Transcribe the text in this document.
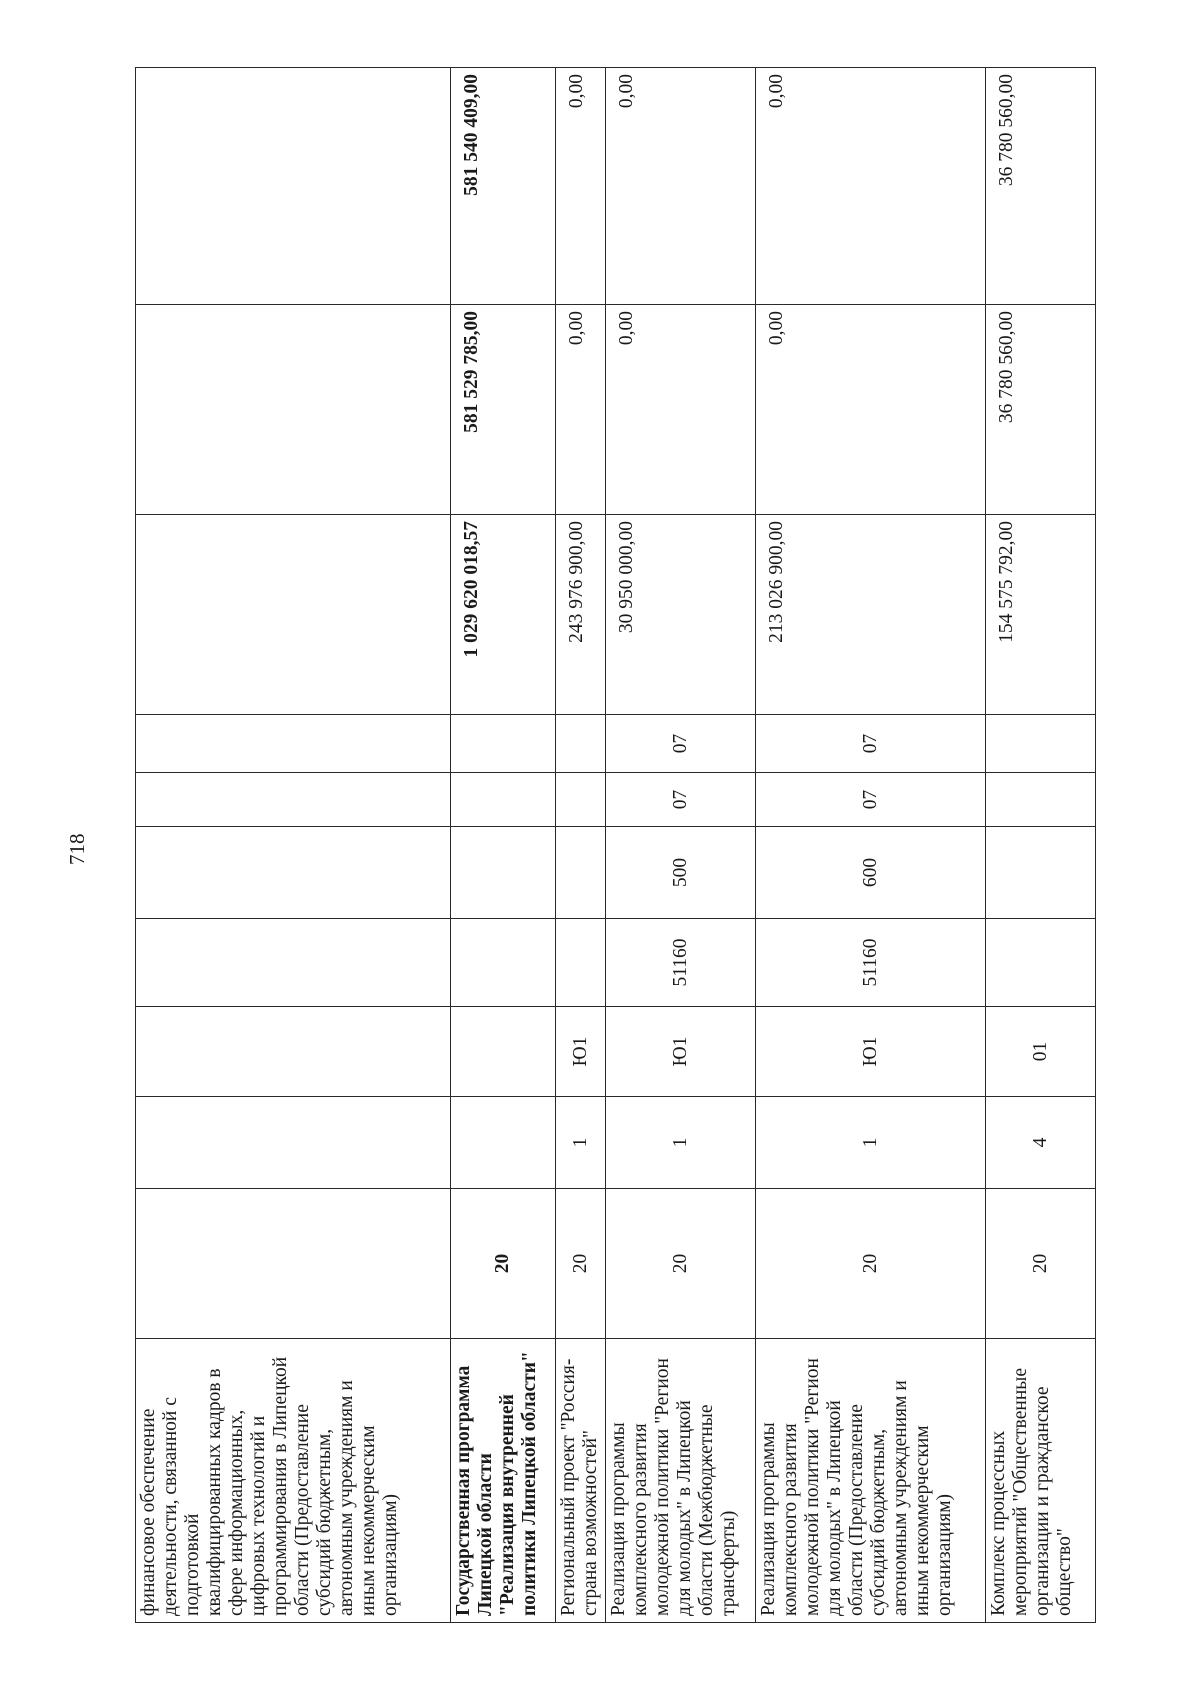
718
финансовое обеспечение деятельности, связанной с подготовкой квалифицированных кадров в сфере информационных, цифровых технологий и программирования в Липецкой области (Предоставление субсидий бюджетным, автономным учреждениям и иным некоммерческим организациям)										
Государственная программа Липецкой области "Реализация внутренней политики Липецкой области"	20							1 029 620 018,57	581 529 785,00	581 540 409,00
Региональный проект "Россия-страна возможностей"	20	1	Ю1					243 976 900,00	0,00	0,00
Реализация программы комплексного развития молодежной политики "Регион для молодых" в Липецкой области (Межбюджетные трансферты)	20	1	Ю1	51160	500	07	07	30 950 000,00	0,00	0,00
Реализация программы комплексного развития молодежной политики "Регион для молодых" в Липецкой области (Предоставление субсидий бюджетным, автономным учреждениям и иным некоммерческим организациям)	20	1	Ю1	51160	600	07	07	213 026 900,00	0,00	0,00
Комплекс процессных мероприятий "Общественные организации и гражданское общество"	20	4	01					154 575 792,00	36 780 560,00	36 780 560,00
